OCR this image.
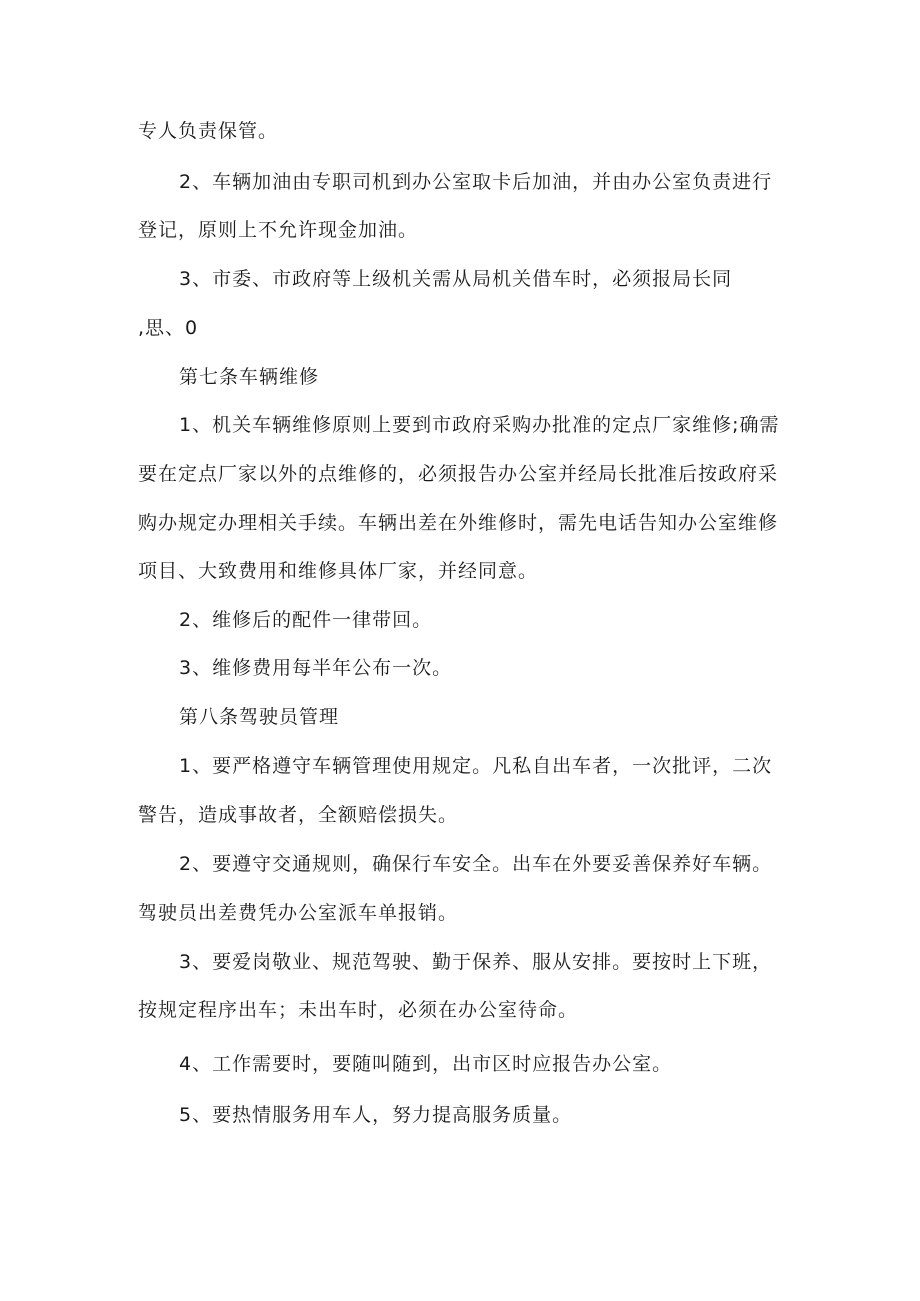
专人负责保管。
2、车辆加油由专职司机到办公室取卡后加油，并由办公室负责进行
登记，原则上不允许现金加油。
3、市委、市政府等上级机关需从局机关借车时，必须报局长同
,思、0
第七条车辆维修
1、机关车辆维修原则上要到市政府采购办批准的定点厂家维修;确需
要在定点厂家以外的点维修的，必须报告办公室并经局长批准后按政府采
购办规定办理相关手续。车辆出差在外维修时，需先电话告知办公室维修
项目、大致费用和维修具体厂家，并经同意。
2、维修后的配件一律带回。
3、维修费用每半年公布一次。
第八条驾驶员管理
1、要严格遵守车辆管理使用规定。凡私自出车者，一次批评，二次
警告，造成事故者，全额赔偿损失。
2、要遵守交通规则，确保行车安全。出车在外要妥善保养好车辆。
驾驶员出差费凭办公室派车单报销。
3、要爱岗敬业、规范驾驶、勤于保养、服从安排。要按时上下班，
按规定程序出车；未出车时，必须在办公室待命。
4、工作需要时，要随叫随到，出市区时应报告办公室。
5、要热情服务用车人，努力提高服务质量。
